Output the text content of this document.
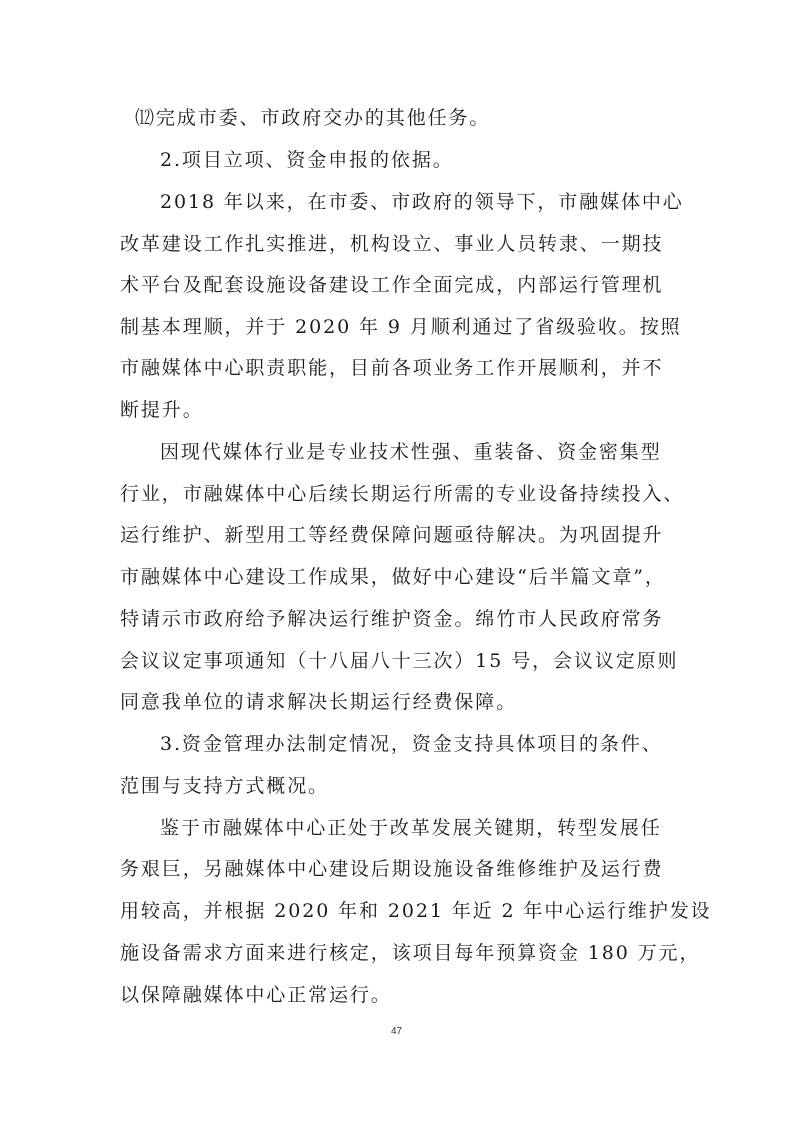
⑿完成市委、市政府交办的其他任务。
2.项目立项、资金申报的依据。
2018 年以来，在市委、市政府的领导下，市融媒体中心
改革建设工作扎实推进，机构设立、事业人员转隶、一期技
术平台及配套设施设备建设工作全面完成，内部运行管理机
制基本理顺，并于 2020 年 9 月顺利通过了省级验收。按照
市融媒体中心职责职能，目前各项业务工作开展顺利，并不
断提升。
因现代媒体行业是专业技术性强、重装备、资金密集型
行业，市融媒体中心后续长期运行所需的专业设备持续投入、
运行维护、新型用工等经费保障问题亟待解决。为巩固提升
市融媒体中心建设工作成果，做好中心建设“后半篇文章”，
特请示市政府给予解决运行维护资金。绵竹市人民政府常务
会议议定事项通知（十八届八十三次）15 号，会议议定原则
同意我单位的请求解决长期运行经费保障。
3.资金管理办法制定情况，资金支持具体项目的条件、
范围与支持方式概况。
鉴于市融媒体中心正处于改革发展关键期，转型发展任
务艰巨，另融媒体中心建设后期设施设备维修维护及运行费
用较高，并根据 2020 年和 2021 年近 2 年中心运行维护发设
施设备需求方面来进行核定，该项目每年预算资金 180 万元，
以保障融媒体中心正常运行。
47
